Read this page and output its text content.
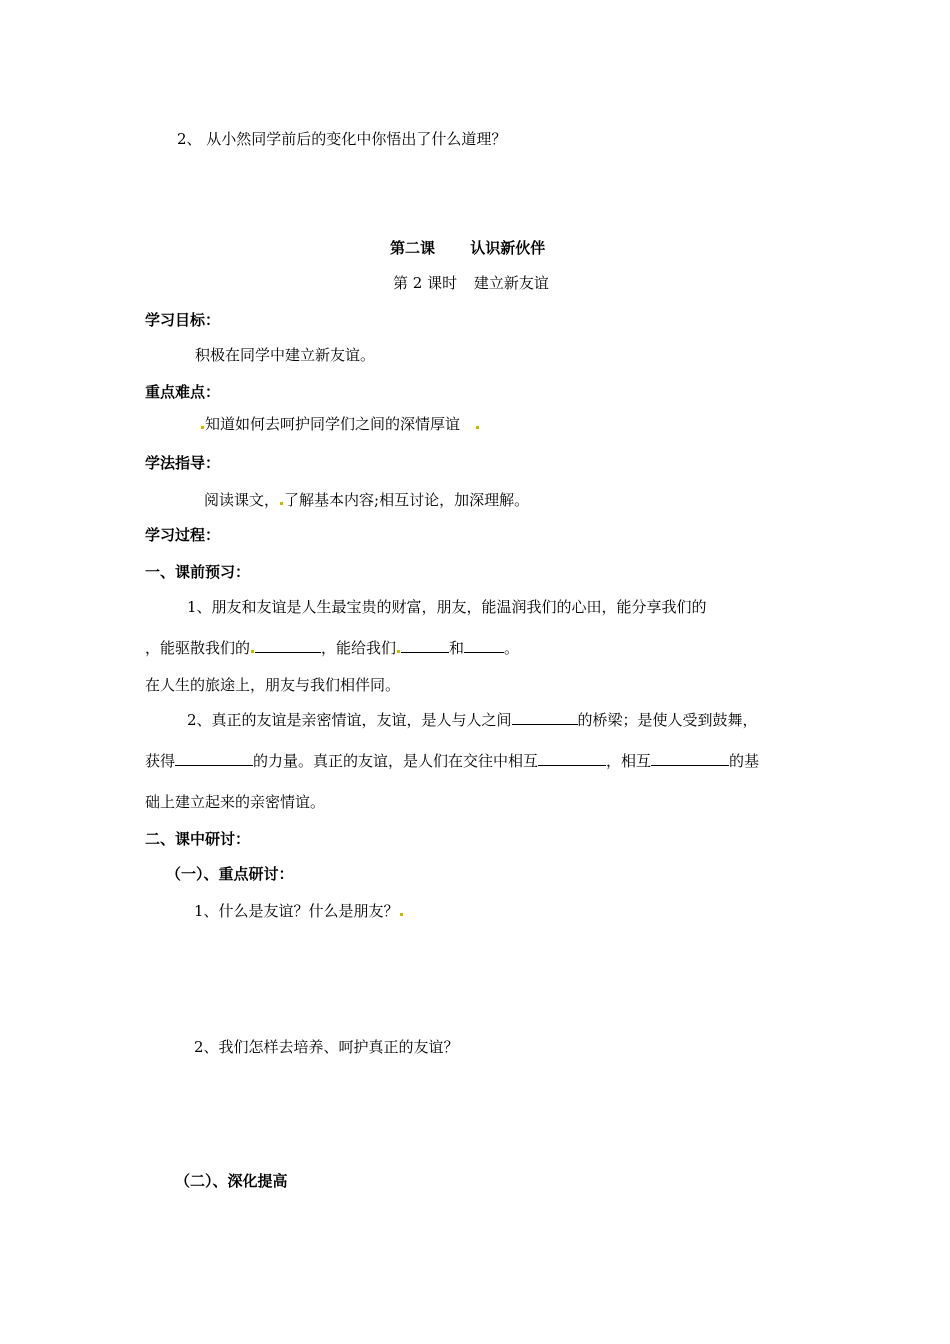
2、 从小然同学前后的变化中你悟出了什么道理？
第二课 认识新伙伴
第 2 课时 建立新友谊
学习目标：
积极在同学中建立新友谊。
重点难点：
知道如何去呵护同学们之间的深情厚谊
学法指导：
阅读课文， 了解基本内容;相互讨论，加深理解。
学习过程：
一、课前预习：
1、朋友和友谊是人生最宝贵的财富，朋友，能温润我们的心田，能分享我们的
，能驱散我们的	，能给我们	和	。
在人生的旅途上，朋友与我们相伴同。
2、真正的友谊是亲密情谊，友谊，是人与人之间	的桥梁；是使人受到鼓舞，
获得	的力量。真正的友谊，是人们在交往中相互	，相互	的基
础上建立起来的亲密情谊。
二、课中研讨：
（一）、重点研讨：
1、什么是友谊？什么是朋友？
2、我们怎样去培养、呵护真正的友谊？
（二）、深化提高
